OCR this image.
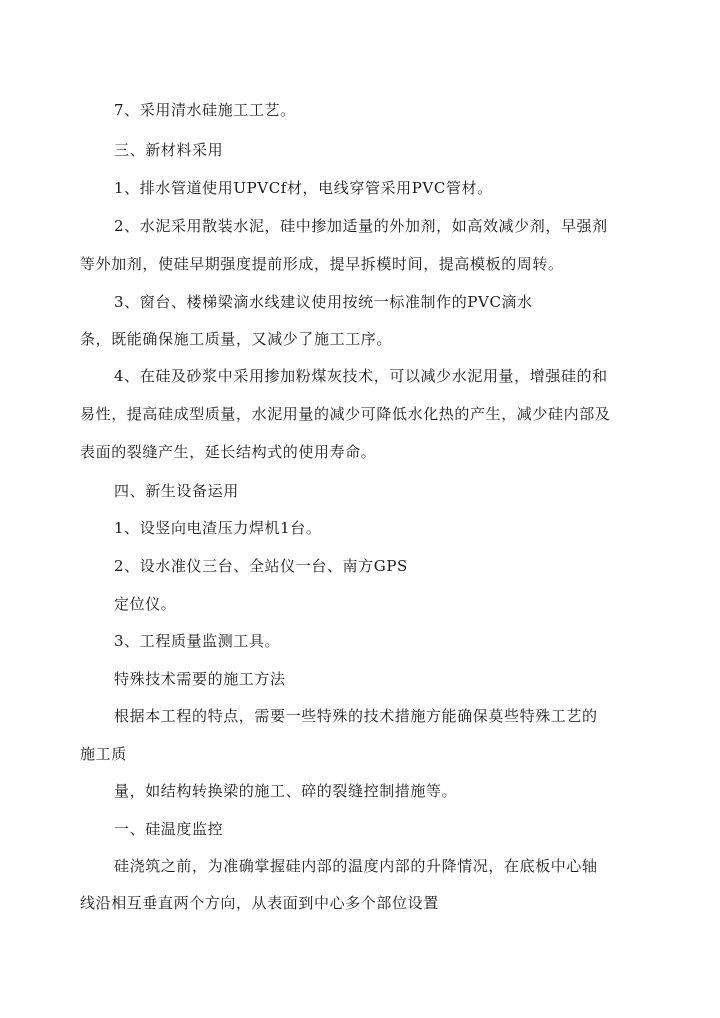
7、采用清水硅施工工艺。
三、新材料采用
1、排水管道使用UPVCf材，电线穿管采用PVC管材。
2、水泥采用散装水泥，硅中掺加适量的外加剂，如高效减少剂，早强剂
等外加剂，使硅早期强度提前形成，提早拆模时间，提高模板的周转。
3、窗台、楼梯梁滴水线建议使用按统一标准制作的PVC滴水
条，既能确保施工质量，又减少了施工工序。
4、在硅及砂浆中采用掺加粉煤灰技术，可以减少水泥用量，增强硅的和
易性，提高硅成型质量，水泥用量的减少可降低水化热的产生，减少硅内部及
表面的裂缝产生，延长结构式的使用寿命。
四、新生设备运用
1、设竖向电渣压力焊机1台。
2、设水准仪三台、全站仪一台、南方GPS
定位仪。
3、工程质量监测工具。
特殊技术需要的施工方法
根据本工程的特点，需要一些特殊的技术措施方能确保莫些特殊工艺的
施工质
量，如结构转换梁的施工、碎的裂缝控制措施等。
一、硅温度监控
硅浇筑之前，为准确掌握硅内部的温度内部的升降情况，在底板中心轴
线沿相互垂直两个方向，从表面到中心多个部位设置
